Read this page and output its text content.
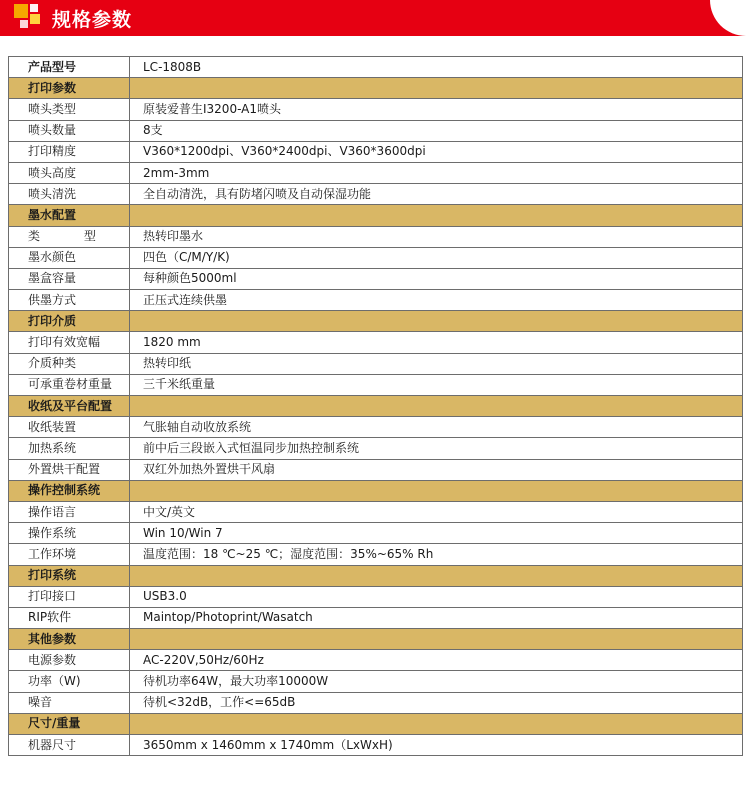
规格参数
产品型号	LC-1808B
打印参数	
喷头类型	原装爱普生I3200-A1喷头
喷头数量	8支
打印精度	V360*1200dpi、V360*2400dpi、V360*3600dpi
喷头高度	2mm-3mm
喷头清洗	全自动清洗，具有防堵闪喷及自动保湿功能
墨水配置	
类 型	热转印墨水
墨水颜色	四色（C/M/Y/K)
墨盒容量	每种颜色5000ml
供墨方式	正压式连续供墨
打印介质	
打印有效宽幅	1820 mm
介质种类	热转印纸
可承重卷材重量	三千米纸重量
收纸及平台配置	
收纸装置	气胀轴自动收放系统
加热系统	前中后三段嵌入式恒温同步加热控制系统
外置烘干配置	双红外加热外置烘干风扇
操作控制系统	
操作语言	中文/英文
操作系统	Win 10/Win 7
工作环境	温度范围：18 ℃~25 ℃；湿度范围：35%~65% Rh
打印系统	
打印接口	USB3.0
RIP软件	Maintop/Photoprint/Wasatch
其他参数	
电源参数	AC-220V,50Hz/60Hz
功率（W)	待机功率64W，最大功率10000W
噪音	待机<32dB，工作<=65dB
尺寸/重量	
机器尺寸	3650mm x 1460mm x 1740mm（LxWxH)
